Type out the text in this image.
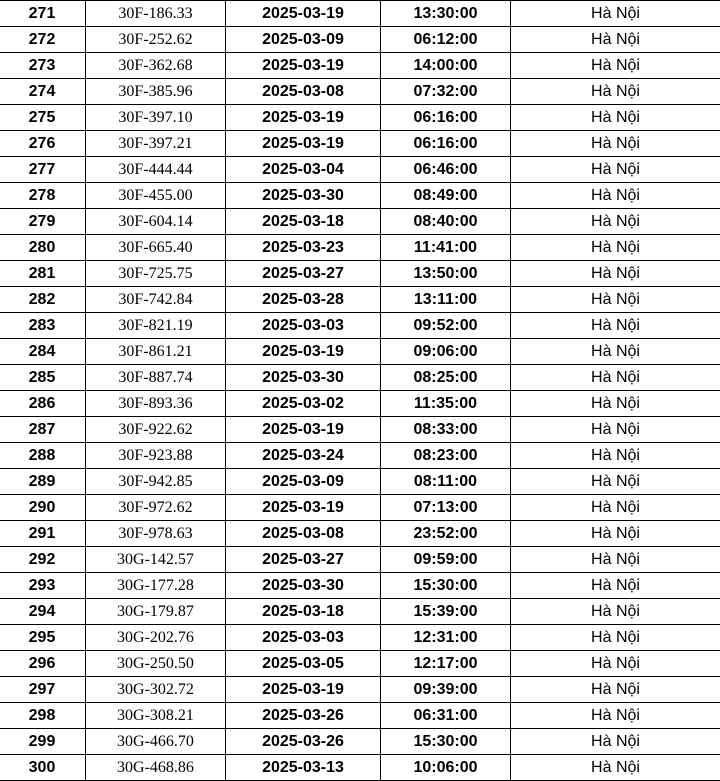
271	30F-186.33	2025-03-19	13:30:00	Hà Nội
272	30F-252.62	2025-03-09	06:12:00	Hà Nội
273	30F-362.68	2025-03-19	14:00:00	Hà Nội
274	30F-385.96	2025-03-08	07:32:00	Hà Nội
275	30F-397.10	2025-03-19	06:16:00	Hà Nội
276	30F-397.21	2025-03-19	06:16:00	Hà Nội
277	30F-444.44	2025-03-04	06:46:00	Hà Nội
278	30F-455.00	2025-03-30	08:49:00	Hà Nội
279	30F-604.14	2025-03-18	08:40:00	Hà Nội
280	30F-665.40	2025-03-23	11:41:00	Hà Nội
281	30F-725.75	2025-03-27	13:50:00	Hà Nội
282	30F-742.84	2025-03-28	13:11:00	Hà Nội
283	30F-821.19	2025-03-03	09:52:00	Hà Nội
284	30F-861.21	2025-03-19	09:06:00	Hà Nội
285	30F-887.74	2025-03-30	08:25:00	Hà Nội
286	30F-893.36	2025-03-02	11:35:00	Hà Nội
287	30F-922.62	2025-03-19	08:33:00	Hà Nội
288	30F-923.88	2025-03-24	08:23:00	Hà Nội
289	30F-942.85	2025-03-09	08:11:00	Hà Nội
290	30F-972.62	2025-03-19	07:13:00	Hà Nội
291	30F-978.63	2025-03-08	23:52:00	Hà Nội
292	30G-142.57	2025-03-27	09:59:00	Hà Nội
293	30G-177.28	2025-03-30	15:30:00	Hà Nội
294	30G-179.87	2025-03-18	15:39:00	Hà Nội
295	30G-202.76	2025-03-03	12:31:00	Hà Nội
296	30G-250.50	2025-03-05	12:17:00	Hà Nội
297	30G-302.72	2025-03-19	09:39:00	Hà Nội
298	30G-308.21	2025-03-26	06:31:00	Hà Nội
299	30G-466.70	2025-03-26	15:30:00	Hà Nội
300	30G-468.86	2025-03-13	10:06:00	Hà Nội
